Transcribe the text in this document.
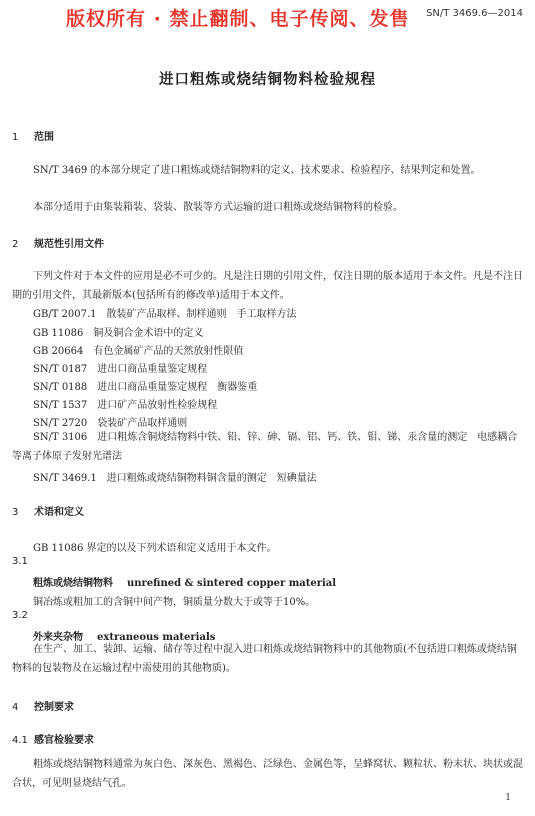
版权所有 · 禁止翻制、电子传阅、发售 SN/T 3469.6—2014
进口粗炼或烧结铜物料检验规程
1 范围
SN/T 3469 的本部分规定了进口粗炼或烧结铜物料的定义、技术要求、检验程序、结果判定和处置。
本部分适用于由集装箱装、袋装、散装等方式运输的进口粗炼或烧结铜物料的检验。
2 规范性引用文件
下列文件对于本文件的应用是必不可少的。凡是注日期的引用文件，仅注日期的版本适用于本文件。凡是不注日期的引用文件，其最新版本(包括所有的修改单)适用于本文件。
GB/T 2007.1　散装矿产品取样、制样通则　手工取样方法
GB 11086　铜及铜合金术语中的定义
GB 20664　有色金属矿产品的天然放射性限值
SN/T 0187　进出口商品重量鉴定规程
SN/T 0188　进出口商品重量鉴定规程　衡器鉴重
SN/T 1537　进口矿产品放射性检验规程
SN/T 2720　袋装矿产品取样通则
SN/T 3106　进口粗炼含铜烧结物料中铁、铅、锌、砷、镉、铝、钙、铁、钼、锑、汞含量的测定　电感耦合等离子体原子发射光谱法
SN/T 3469.1　进口粗炼或烧结铜物料铜含量的测定　短碘量法
3 术语和定义
GB 11086 界定的以及下列术语和定义适用于本文件。
3.1
粗炼或烧结铜物料 unrefined & sintered copper material
铜冶炼或粗加工的含铜中间产物，铜质量分数大于或等于10%。
3.2
外来夹杂物 extraneous materials
在生产、加工、装卸、运输、储存等过程中混入进口粗炼或烧结铜物料中的其他物质(不包括进口粗炼或烧结铜物料的包装物及在运输过程中需使用的其他物质)。
4 控制要求
4.1 感官检验要求
粗炼或烧结铜物料通常为灰白色、深灰色、黑褐色、泛绿色、金属色等，呈蜂窝状、颗粒状、粉末状、块状或混合状，可见明显烧结气孔。
1
